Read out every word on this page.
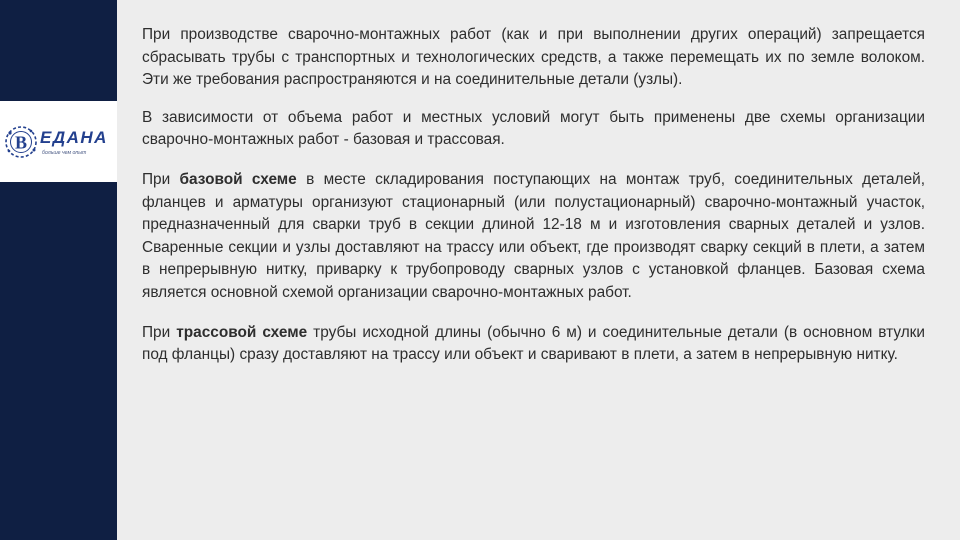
B ЕДАНА
больше чем опыт

При производстве сварочно-монтажных работ (как и при выполнении других операций) запрещается сбрасывать трубы с транспортных и технологических средств, а также перемещать их по земле волоком. Эти же требования распространяются и на соединительные детали (узлы).

В зависимости от объема работ и местных условий могут быть применены две схемы организации сварочно-монтажных работ - базовая и трассовая.

При базовой схеме в месте складирования поступающих на монтаж труб, соединительных деталей, фланцев и арматуры организуют стационарный (или полустационарный) сварочно-монтажный участок, предназначенный для сварки труб в секции длиной 12-18 м и изготовления сварных деталей и узлов. Сваренные секции и узлы доставляют на трассу или объект, где производят сварку секций в плети, а затем в непрерывную нитку, приварку к трубопроводу сварных узлов с установкой фланцев. Базовая схема является основной схемой организации сварочно-монтажных работ.

При трассовой схеме трубы исходной длины (обычно 6 м) и соединительные детали (в основном втулки под фланцы) сразу доставляют на трассу или объект и сваривают в плети, а затем в непрерывную нитку.
